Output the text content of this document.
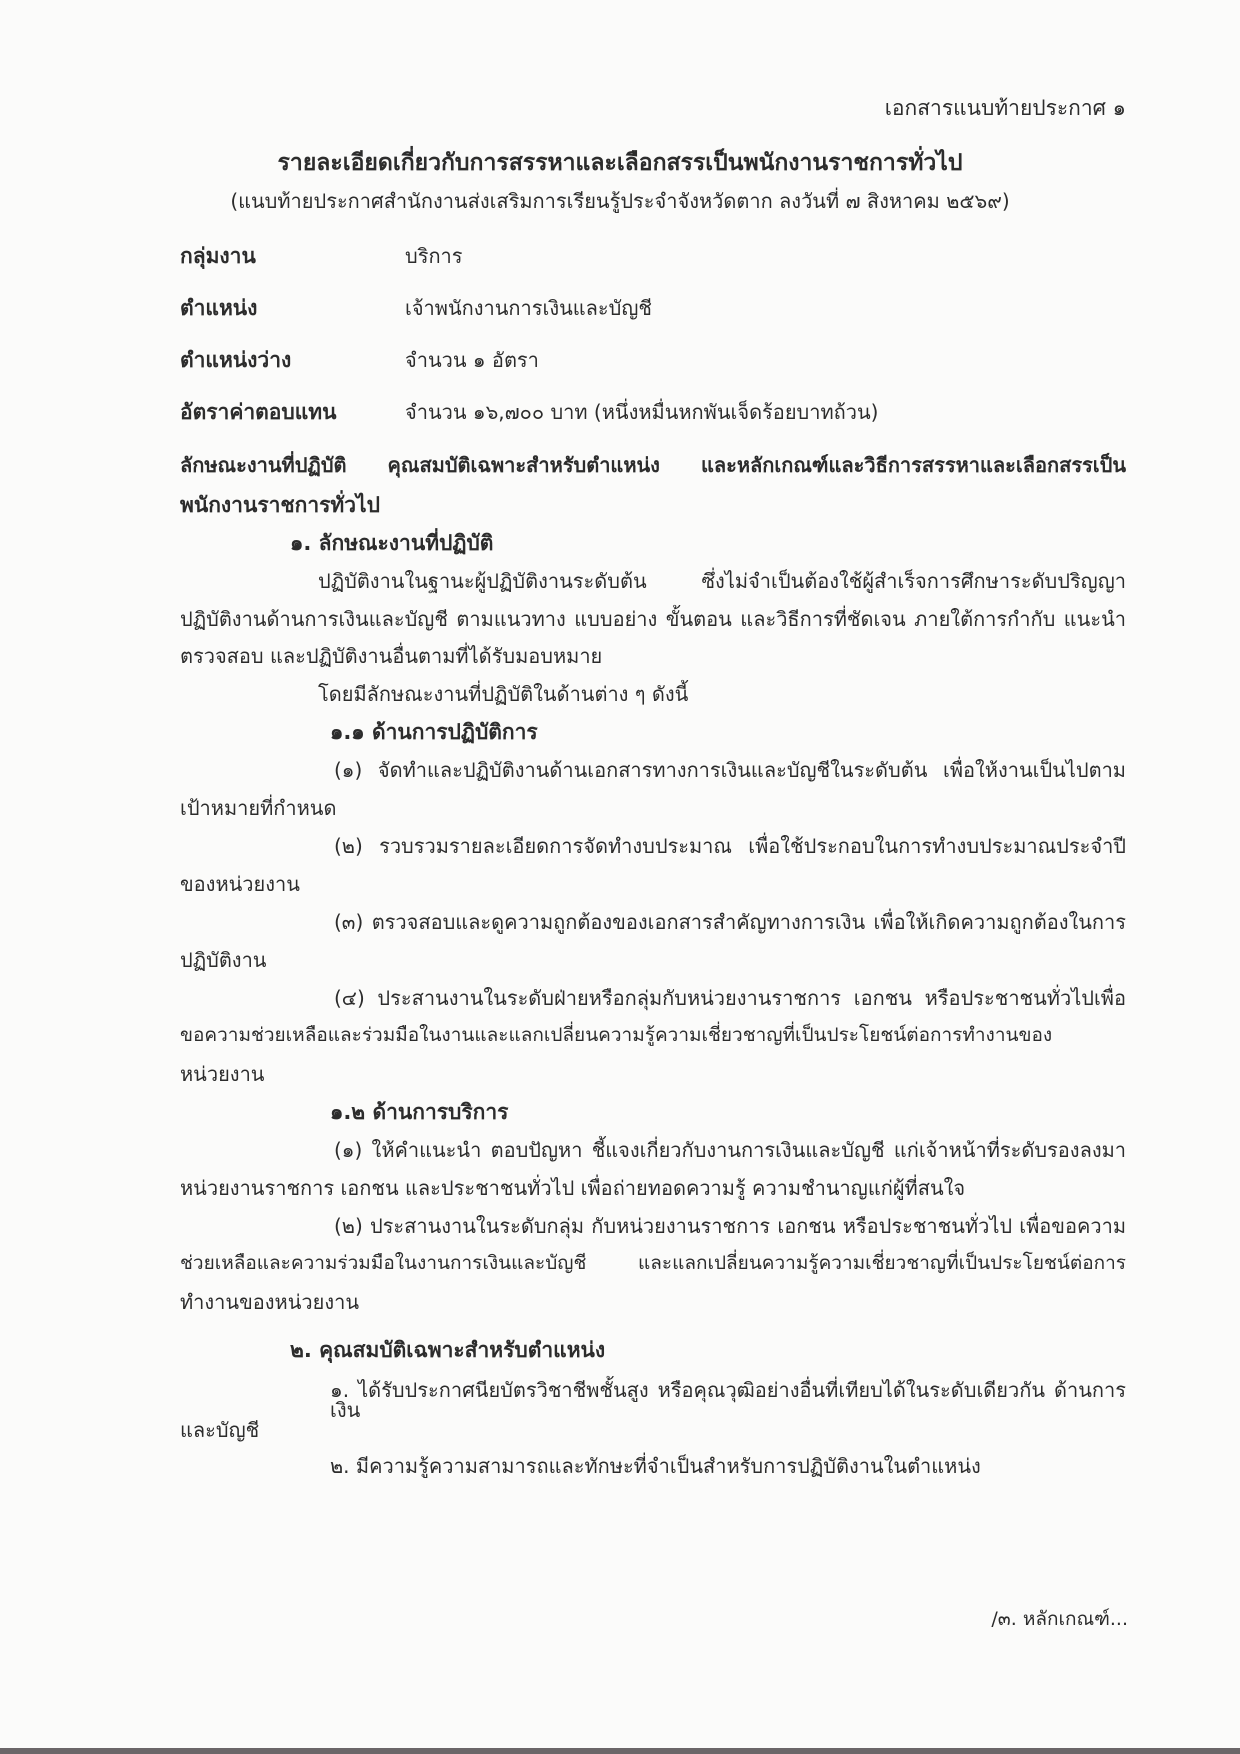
เอกสารแนบท้ายประกาศ ๑
รายละเอียดเกี่ยวกับการสรรหาและเลือกสรรเป็นพนักงานราชการทั่วไป
(แนบท้ายประกาศสำนักงานส่งเสริมการเรียนรู้ประจำจังหวัดตาก ลงวันที่ ๗ สิงหาคม ๒๕๖๙)
กลุ่มงาน	บริการ
ตำแหน่ง	เจ้าพนักงานการเงินและบัญชี
ตำแหน่งว่าง	จำนวน ๑ อัตรา
อัตราค่าตอบแทน	จำนวน ๑๖,๗๐๐ บาท (หนึ่งหมื่นหกพันเจ็ดร้อยบาทถ้วน)
ลักษณะงานที่ปฏิบัติ คุณสมบัติเฉพาะสำหรับตำแหน่ง และหลักเกณฑ์และวิธีการสรรหาและเลือกสรรเป็น
พนักงานราชการทั่วไป
๑. ลักษณะงานที่ปฏิบัติ
ปฏิบัติงานในฐานะผู้ปฏิบัติงานระดับต้น ซึ่งไม่จำเป็นต้องใช้ผู้สำเร็จการศึกษาระดับปริญญา
ปฏิบัติงานด้านการเงินและบัญชี ตามแนวทาง แบบอย่าง ขั้นตอน และวิธีการที่ชัดเจน ภายใต้การกำกับ แนะนำ
ตรวจสอบ และปฏิบัติงานอื่นตามที่ได้รับมอบหมาย
โดยมีลักษณะงานที่ปฏิบัติในด้านต่าง ๆ ดังนี้
๑.๑ ด้านการปฏิบัติการ
(๑) จัดทำและปฏิบัติงานด้านเอกสารทางการเงินและบัญชีในระดับต้น เพื่อให้งานเป็นไปตาม
เป้าหมายที่กำหนด
(๒) รวบรวมรายละเอียดการจัดทำงบประมาณ เพื่อใช้ประกอบในการทำงบประมาณประจำปี
ของหน่วยงาน
(๓) ตรวจสอบและดูความถูกต้องของเอกสารสำคัญทางการเงิน เพื่อให้เกิดความถูกต้องในการ
ปฏิบัติงาน
(๔) ประสานงานในระดับฝ่ายหรือกลุ่มกับหน่วยงานราชการ เอกชน หรือประชาชนทั่วไปเพื่อ
ขอความช่วยเหลือและร่วมมือในงานและแลกเปลี่ยนความรู้ความเชี่ยวชาญที่เป็นประโยชน์ต่อการทำงานของ
หน่วยงาน
๑.๒ ด้านการบริการ
(๑) ให้คำแนะนำ ตอบปัญหา ชี้แจงเกี่ยวกับงานการเงินและบัญชี แก่เจ้าหน้าที่ระดับรองลงมา
หน่วยงานราชการ เอกชน และประชาชนทั่วไป เพื่อถ่ายทอดความรู้ ความชำนาญแก่ผู้ที่สนใจ
(๒) ประสานงานในระดับกลุ่ม กับหน่วยงานราชการ เอกชน หรือประชาชนทั่วไป เพื่อขอความ
ช่วยเหลือและความร่วมมือในงานการเงินและบัญชี และแลกเปลี่ยนความรู้ความเชี่ยวชาญที่เป็นประโยชน์ต่อการ
ทำงานของหน่วยงาน
๒. คุณสมบัติเฉพาะสำหรับตำแหน่ง
๑. ได้รับประกาศนียบัตรวิชาชีพชั้นสูง หรือคุณวุฒิอย่างอื่นที่เทียบได้ในระดับเดียวกัน ด้านการเงิน
และบัญชี
๒. มีความรู้ความสามารถและทักษะที่จำเป็นสำหรับการปฏิบัติงานในตำแหน่ง
/๓. หลักเกณฑ์...
